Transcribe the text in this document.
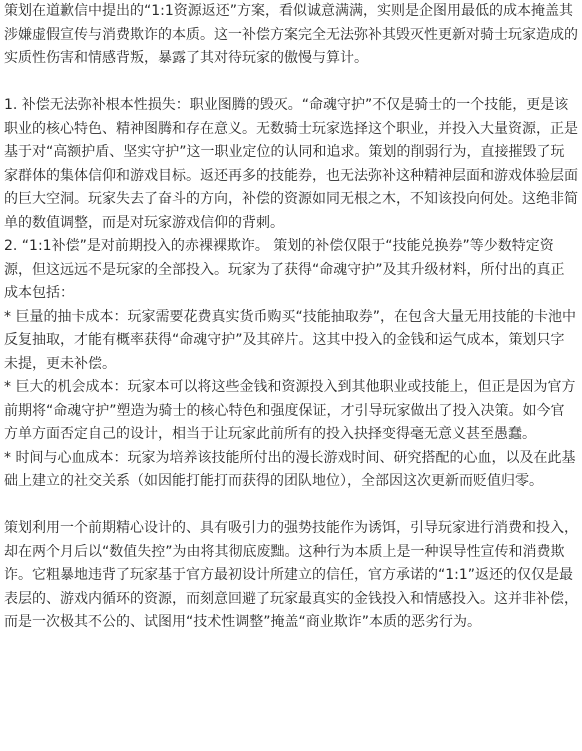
策划在道歉信中提出的“1:1资源返还”方案，看似诚意满满，实则是企图用最低的成本掩盖其涉嫌虚假宣传与消费欺诈的本质。这一补偿方案完全无法弥补其毁灭性更新对骑士玩家造成的实质性伤害和情感背叛，暴露了其对待玩家的傲慢与算计。

1. 补偿无法弥补根本性损失：职业图腾的毁灭。“命魂守护”不仅是骑士的一个技能，更是该职业的核心特色、精神图腾和存在意义。无数骑士玩家选择这个职业，并投入大量资源，正是基于对“高额护盾、坚实守护”这一职业定位的认同和追求。策划的削弱行为，直接摧毁了玩家群体的集体信仰和游戏目标。返还再多的技能券，也无法弥补这种精神层面和游戏体验层面的巨大空洞。玩家失去了奋斗的方向，补偿的资源如同无根之木，不知该投向何处。这绝非简单的数值调整，而是对玩家游戏信仰的背刺。

2. “1:1补偿”是对前期投入的赤裸裸欺诈。 策划的补偿仅限于“技能兑换券”等少数特定资源，但这远远不是玩家的全部投入。玩家为了获得“命魂守护”及其升级材料，所付出的真正成本包括：

* 巨量的抽卡成本：玩家需要花费真实货币购买“技能抽取券”，在包含大量无用技能的卡池中反复抽取，才能有概率获得“命魂守护”及其碎片。这其中投入的金钱和运气成本，策划只字未提，更未补偿。

* 巨大的机会成本：玩家本可以将这些金钱和资源投入到其他职业或技能上，但正是因为官方前期将“命魂守护”塑造为骑士的核心特色和强度保证，才引导玩家做出了投入决策。如今官方单方面否定自己的设计，相当于让玩家此前所有的投入抉择变得毫无意义甚至愚蠢。

* 时间与心血成本：玩家为培养该技能所付出的漫长游戏时间、研究搭配的心血，以及在此基础上建立的社交关系（如因能打能打而获得的团队地位），全部因这次更新而贬值归零。

策划利用一个前期精心设计的、具有吸引力的强势技能作为诱饵，引导玩家进行消费和投入，却在两个月后以“数值失控”为由将其彻底废黜。这种行为本质上是一种误导性宣传和消费欺诈。它粗暴地违背了玩家基于官方最初设计所建立的信任，官方承诺的“1:1”返还的仅仅是最表层的、游戏内循环的资源，而刻意回避了玩家最真实的金钱投入和情感投入。这并非补偿，而是一次极其不公的、试图用“技术性调整”掩盖“商业欺诈”本质的恶劣行为。
